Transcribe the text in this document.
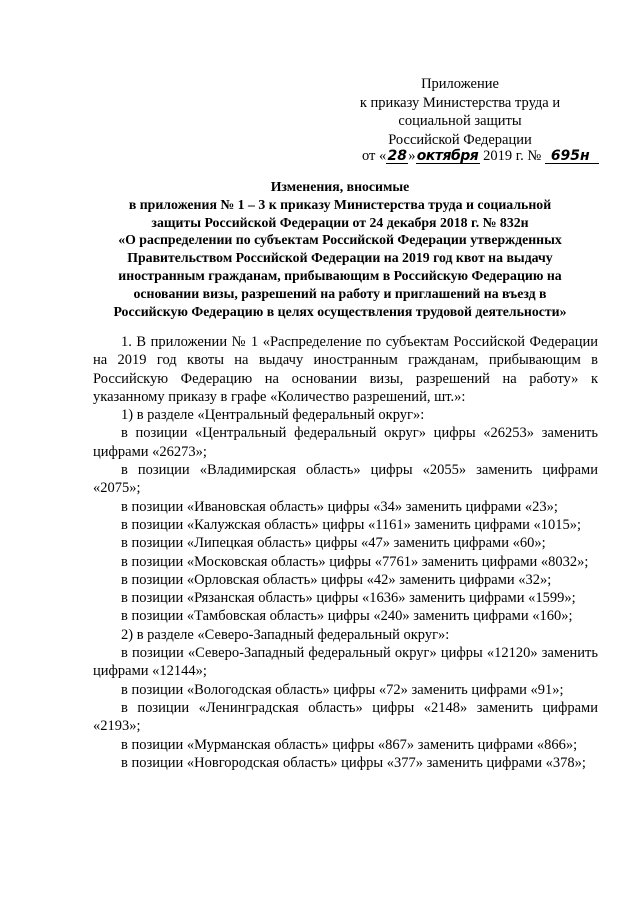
Приложение
к приказу Министерства труда и
социальной защиты
Российской Федерации
от «28»октября 2019 г. № 695н
Изменения, вносимые
в приложения № 1 – 3 к приказу Министерства труда и социальной
защиты Российской Федерации от 24 декабря 2018 г. № 832н
«О распределении по субъектам Российской Федерации утвержденных
Правительством Российской Федерации на 2019 год квот на выдачу
иностранным гражданам, прибывающим в Российскую Федерацию на
основании визы, разрешений на работу и приглашений на въезд в
Российскую Федерацию в целях осуществления трудовой деятельности»

1. В приложении № 1 «Распределение по субъектам Российской Федерации на 2019 год квоты на выдачу иностранным гражданам, прибывающим в Российскую Федерацию на основании визы, разрешений на работу» к указанному приказу в графе «Количество разрешений, шт.»:

1) в разделе «Центральный федеральный округ»:

в позиции «Центральный федеральный округ» цифры «26253» заменить цифрами «26273»;

в позиции «Владимирская область» цифры «2055» заменить цифрами «2075»;

в позиции «Ивановская область» цифры «34» заменить цифрами «23»;

в позиции «Калужская область» цифры «1161» заменить цифрами «1015»;

в позиции «Липецкая область» цифры «47» заменить цифрами «60»;

в позиции «Московская область» цифры «7761» заменить цифрами «8032»;

в позиции «Орловская область» цифры «42» заменить цифрами «32»;

в позиции «Рязанская область» цифры «1636» заменить цифрами «1599»;

в позиции «Тамбовская область» цифры «240» заменить цифрами «160»;

2) в разделе «Северо-Западный федеральный округ»:

в позиции «Северо-Западный федеральный округ» цифры «12120» заменить цифрами «12144»;

в позиции «Вологодская область» цифры «72» заменить цифрами «91»;

в позиции «Ленинградская область» цифры «2148» заменить цифрами «2193»;

в позиции «Мурманская область» цифры «867» заменить цифрами «866»;

в позиции «Новгородская область» цифры «377» заменить цифрами «378»;
